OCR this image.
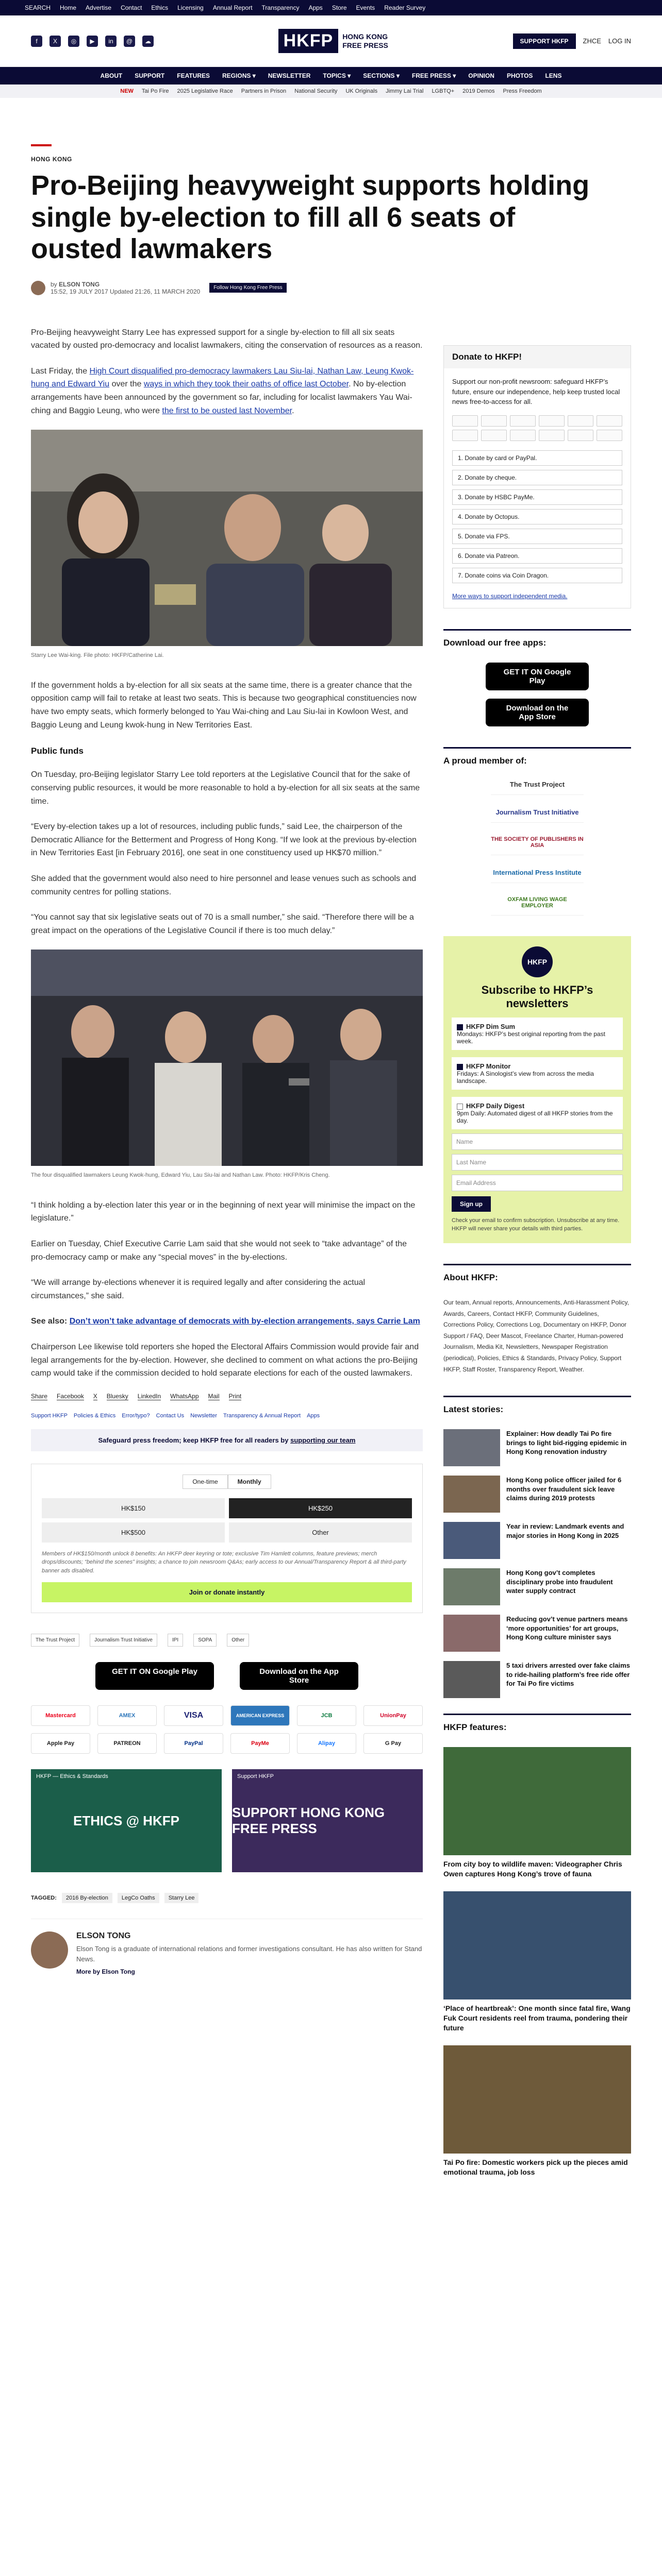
SEARCH Home Advertise Contact Ethics Licensing Annual Report Transparency Apps Store Events Reader Survey
f	X	◎	▶	in	@	☁	HKFP	HONG KONG
FREE PRESS	SUPPORT HKFP	ZHCE LOG IN
ABOUT SUPPORT FEATURES REGIONS ▾ NEWSLETTER TOPICS ▾ SECTIONS ▾ FREE PRESS ▾ OPINION PHOTOS LENS
NEW Tai Po Fire 2025 Legislative Race Partners in Prison National Security UK Originals Jimmy Lai Trial LGBTQ+ 2019 Demos Press Freedom
HONG KONG
Pro-Beijing heavyweight supports holding single by-election to fill all 6 seats of ousted lawmakers
by ELSON TONG
15:52, 19 JULY 2017 Updated 21:26, 11 MARCH 2020	Follow Hong Kong Free Press

Pro-Beijing heavyweight Starry Lee has expressed support for a single by-election to fill all six seats vacated by ousted pro-democracy and localist lawmakers, citing the conservation of resources as a reason.

Last Friday, the High Court disqualified pro-democracy lawmakers Lau Siu-lai, Nathan Law, Leung Kwok-hung and Edward Yiu over the ways in which they took their oaths of office last October. No by-election arrangements have been announced by the government so far, including for localist lawmakers Yau Wai-ching and Baggio Leung, who were the first to be ousted last November.

Starry Lee Wai-king. File photo: HKFP/Catherine Lai.

If the government holds a by-election for all six seats at the same time, there is a greater chance that the opposition camp will fail to retake at least two seats. This is because two geographical constituencies now have two empty seats, which formerly belonged to Yau Wai-ching and Lau Siu-lai in Kowloon West, and Baggio Leung and Leung kwok-hung in New Territories East.

Public funds

On Tuesday, pro-Beijing legislator Starry Lee told reporters at the Legislative Council that for the sake of conserving public resources, it would be more reasonable to hold a by-election for all six seats at the same time.

“Every by-election takes up a lot of resources, including public funds,” said Lee, the chairperson of the Democratic Alliance for the Betterment and Progress of Hong Kong. “If we look at the previous by-election in New Territories East [in February 2016], one seat in one constituency used up HK$70 million.”

She added that the government would also need to hire personnel and lease venues such as schools and community centres for polling stations.

“You cannot say that six legislative seats out of 70 is a small number,” she said. “Therefore there will be a great impact on the operations of the Legislative Council if there is too much delay.”

The four disqualified lawmakers Leung Kwok-hung, Edward Yiu, Lau Siu-lai and Nathan Law. Photo: HKFP/Kris Cheng.

“I think holding a by-election later this year or in the beginning of next year will minimise the impact on the legislature.”

Earlier on Tuesday, Chief Executive Carrie Lam said that she would not seek to “take advantage” of the pro-democracy camp or make any “special moves” in the by-elections.

“We will arrange by-elections whenever it is required legally and after considering the actual circumstances,” she said.

See also: Don’t won’t take advantage of democrats with by-election arrangements, says Carrie Lam

Chairperson Lee likewise told reporters she hoped the Electoral Affairs Commission would provide fair and legal arrangements for the by-election. However, she declined to comment on what actions the pro-Beijing camp would take if the commission decided to hold separate elections for each of the ousted lawmakers.

Share Facebook X Bluesky LinkedIn WhatsApp Mail Print
Support HKFP Policies & Ethics Error/typo? Contact Us Newsletter Transparency & Annual Report Apps
Safeguard press freedom; keep HKFP free for all readers by supporting our team
One-time	Monthly
HK$150	HK$250
HK$500	Other
Members of HK$150/month unlock 8 benefits: An HKFP deer keyring or tote; exclusive Tim Hamlett columns, feature previews; merch drops/discounts; “behind the scenes” insights; a chance to join newsroom Q&As; early access to our Annual/Transparency Report & all third-party banner ads disabled.
Join or donate instantly
The Trust Project	Journalism Trust Initiative	IPI	SOPA	Other
GET IT ON Google Play	Download on the App Store
Mastercard	AMEX	VISA	AMERICAN EXPRESS	JCB	UnionPay
Apple Pay	PATREON	PayPal	PayMe	Alipay	G Pay
HKFP — Ethics & Standards
ETHICS @ HKFP
Support HKFP
SUPPORT HONG KONG FREE PRESS
TAGGED:	2016 By-election	LegCo Oaths	Starry Lee
ELSON TONG

Elson Tong is a graduate of international relations and former investigations consultant. He has also written for Stand News.

More by Elson Tong
Donate to HKFP!
Support our non-profit newsroom: safeguard HKFP’s future, ensure our independence, help keep trusted local news free-to-access for all.
1. Donate by card or PayPal.
2. Donate by cheque.
3. Donate by HSBC PayMe.
4. Donate by Octopus.
5. Donate via FPS.
6. Donate via Patreon.
7. Donate coins via Coin Dragon.
More ways to support independent media.
Download our free apps:
GET IT ON Google Play
Download on the App Store
A proud member of:
The Trust Project
Journalism Trust Initiative
THE SOCIETY OF PUBLISHERS IN ASIA
International Press Institute
OXFAM LIVING WAGE EMPLOYER
HKFP
Subscribe to HKFP’s newsletters
HKFP Dim Sum
Mondays: HKFP’s best original reporting from the past week.
HKFP Monitor
Fridays: A Sinologist’s view from across the media landscape.
HKFP Daily Digest
9pm Daily: Automated digest of all HKFP stories from the day.
Name
Last Name
Email Address
Sign up
Check your email to confirm subscription. Unsubscribe at any time. HKFP will never share your details with third parties.
About HKFP:
Our team, Annual reports, Announcements, Anti-Harassment Policy, Awards, Careers, Contact HKFP, Community Guidelines, Corrections Policy, Corrections Log, Documentary on HKFP, Donor Support / FAQ, Deer Mascot, Freelance Charter, Human-powered Journalism, Media Kit, Newsletters, Newspaper Registration (periodical), Policies, Ethics & Standards, Privacy Policy, Support HKFP, Staff Roster, Transparency Report, Weather.
Latest stories:
Explainer: How deadly Tai Po fire brings to light bid-rigging epidemic in Hong Kong renovation industry
Hong Kong police officer jailed for 6 months over fraudulent sick leave claims during 2019 protests
Year in review: Landmark events and major stories in Hong Kong in 2025
Hong Kong gov’t completes disciplinary probe into fraudulent water supply contract
Reducing gov’t venue partners means ‘more opportunities’ for art groups, Hong Kong culture minister says
5 taxi drivers arrested over fake claims to ride-hailing platform’s free ride offer for Tai Po fire victims
HKFP features:
From city boy to wildlife maven: Videographer Chris Owen captures Hong Kong’s trove of fauna
‘Place of heartbreak’: One month since fatal fire, Wang Fuk Court residents reel from trauma, pondering their future
Tai Po fire: Domestic workers pick up the pieces amid emotional trauma, job loss
